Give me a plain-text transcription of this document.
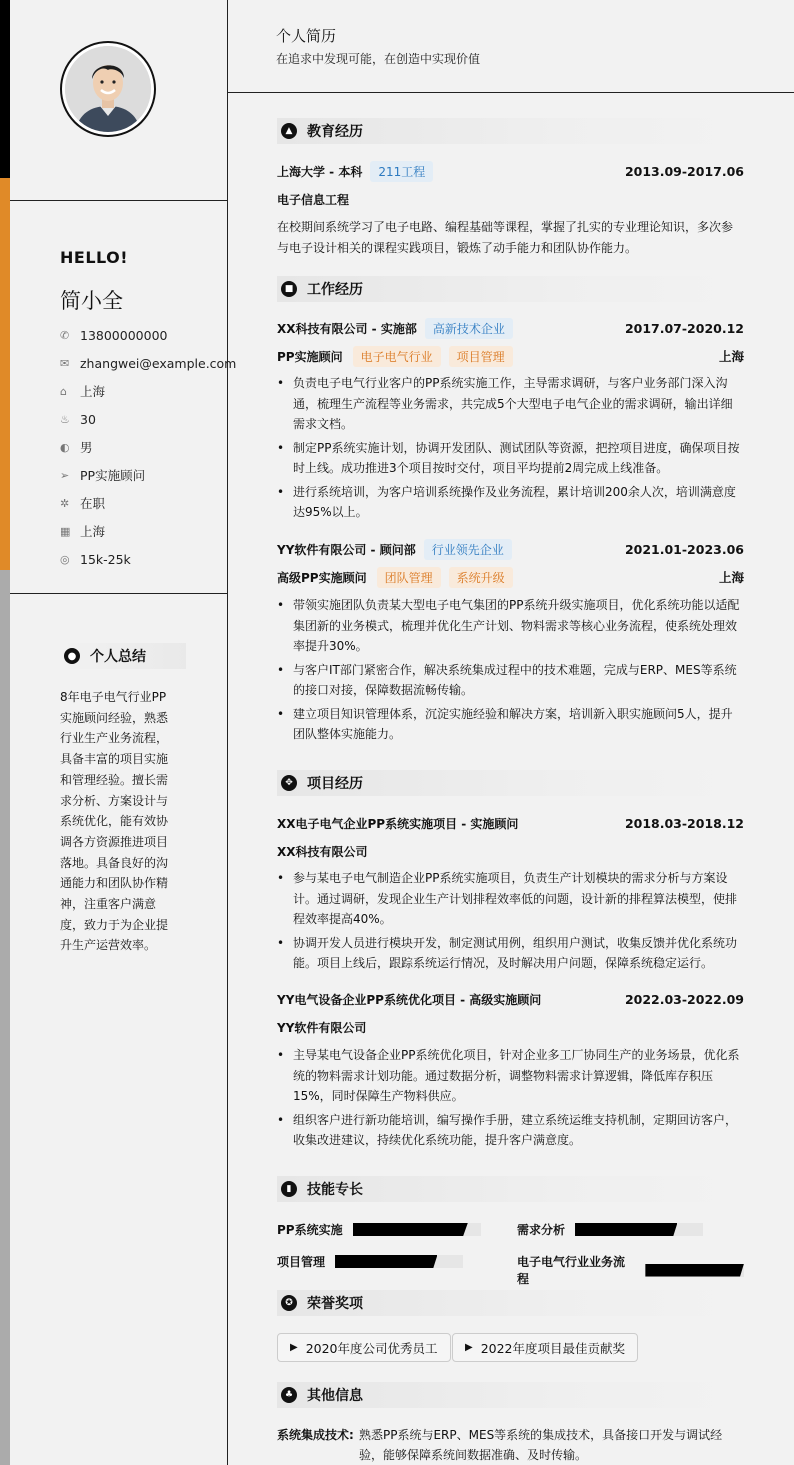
HELLO!
简小全
✆ 13800000000
✉ zhangwei@example.com
⌂	上海
♨ 30
◐ 男
➢ PP实施顾问
✲ 在职
▦ 上海
◎ 15k-25k
● 个人总结
8年电子电气行业PP实施顾问经验，熟悉行业生产业务流程，具备丰富的项目实施和管理经验。擅长需求分析、方案设计与系统优化，能有效协调各方资源推进项目落地。具备良好的沟通能力和团队协作精神，注重客户满意度，致力于为企业提升生产运营效率。
个人简历
在追求中发现可能，在创造中实现价值
▲	教育经历
上海大学 - 本科	211工程	2013.09-2017.06
电子信息工程
在校期间系统学习了电子电路、编程基础等课程，掌握了扎实的专业理论知识，多次参与电子设计相关的课程实践项目，锻炼了动手能力和团队协作能力。
■ 工作经历
XX科技有限公司 - 实施部	高新技术企业	2017.07-2020.12
PP实施顾问	电子电气行业	项目管理	上海
• 负责电子电气行业客户的PP系统实施工作，主导需求调研，与客户业务部门深入沟通，梳理生产流程等业务需求，共完成5个大型电子电气企业的需求调研，输出详细需求文档。
• 制定PP系统实施计划，协调开发团队、测试团队等资源，把控项目进度，确保项目按时上线。成功推进3个项目按时交付，项目平均提前2周完成上线准备。
• 进行系统培训，为客户培训系统操作及业务流程，累计培训200余人次，培训满意度达95%以上。
YY软件有限公司 - 顾问部	行业领先企业	2021.01-2023.06
高级PP实施顾问	团队管理	系统升级	上海
• 带领实施团队负责某大型电子电气集团的PP系统升级实施项目，优化系统功能以适配集团新的业务模式，梳理并优化生产计划、物料需求等核心业务流程，使系统处理效率提升30%。
• 与客户IT部门紧密合作，解决系统集成过程中的技术难题，完成与ERP、MES等系统的接口对接，保障数据流畅传输。
• 建立项目知识管理体系，沉淀实施经验和解决方案，培训新入职实施顾问5人，提升团队整体实施能力。
✥	项目经历
XX电子电气企业PP系统实施项目 - 实施顾问	2018.03-2018.12
XX科技有限公司
• 参与某电子电气制造企业PP系统实施项目，负责生产计划模块的需求分析与方案设计。通过调研，发现企业生产计划排程效率低的问题，设计新的排程算法模型，使排程效率提高40%。
• 协调开发人员进行模块开发，制定测试用例，组织用户测试，收集反馈并优化系统功能。项目上线后，跟踪系统运行情况，及时解决用户问题，保障系统稳定运行。
YY电气设备企业PP系统优化项目 - 高级实施顾问	2022.03-2022.09
YY软件有限公司
• 主导某电气设备企业PP系统优化项目，针对企业多工厂协同生产的业务场景，优化系统的物料需求计划功能。通过数据分析，调整物料需求计算逻辑，降低库存积压15%，同时保障生产物料供应。
• 组织客户进行新功能培训，编写操作手册，建立系统运维支持机制，定期回访客户，收集改进建议，持续优化系统功能，提升客户满意度。
▮	技能专长
PP系统实施	需求分析
项目管理	电子电气行业业务流程
✪	荣誉奖项
▶ 2020年度公司优秀员工	▶ 2022年度项目最佳贡献奖
♣ 其他信息
系统集成技术: 熟悉PP系统与ERP、MES等系统的集成技术，具备接口开发与调试经验，能够保障系统间数据准确、及时传输。
